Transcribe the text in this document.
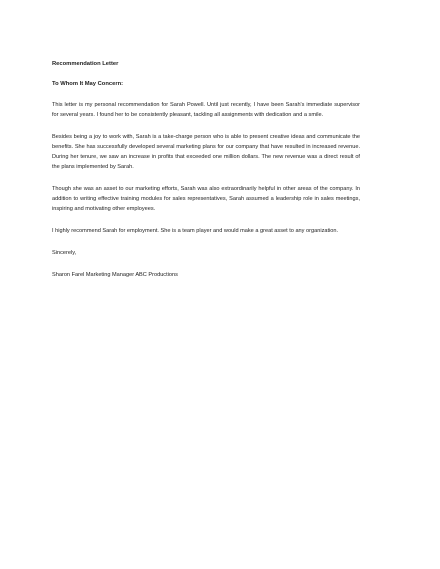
Recommendation Letter
To Whom It May Concern:

This letter is my personal recommendation for Sarah Powell. Until just recently, I have been Sarah's immediate supervisor for several years. I found her to be consistently pleasant, tackling all assignments with dedication and a smile.

Besides being a joy to work with, Sarah is a take-charge person who is able to present creative ideas and communicate the benefits. She has successfully developed several marketing plans for our company that have resulted in increased revenue. During her tenure, we saw an increase in profits that exceeded one million dollars. The new revenue was a direct result of the plans implemented by Sarah.

Though she was an asset to our marketing efforts, Sarah was also extraordinarily helpful in other areas of the company. In addition to writing effective training modules for sales representatives, Sarah assumed a leadership role in sales meetings, inspiring and motivating other employees.

I highly recommend Sarah for employment. She is a team player and would make a great asset to any organization.

Sincerely,
Sharon Farel Marketing Manager ABC Productions
